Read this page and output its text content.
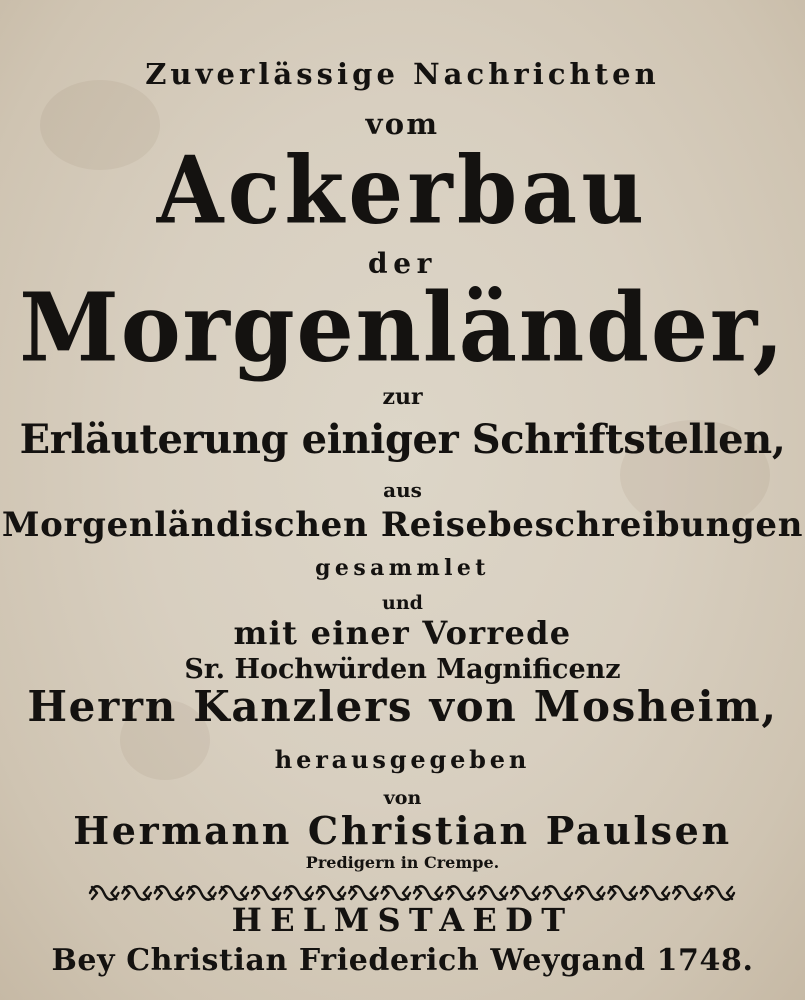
Zuverlässige Nachrichten
vom
Ackerbau
der
Morgenländer,
zur
Erläuterung einiger Schriftstellen,
aus
Morgenländischen Reisebeschreibungen
gesammlet
und
mit einer Vorrede
Sr. Hochwürden Magnificenz
Herrn Kanzlers von Mosheim,
herausgegeben
von
Hermann Christian Paulsen
Predigern in Crempe.
HELMSTAEDT
Bey Christian Friederich Weygand 1748.
